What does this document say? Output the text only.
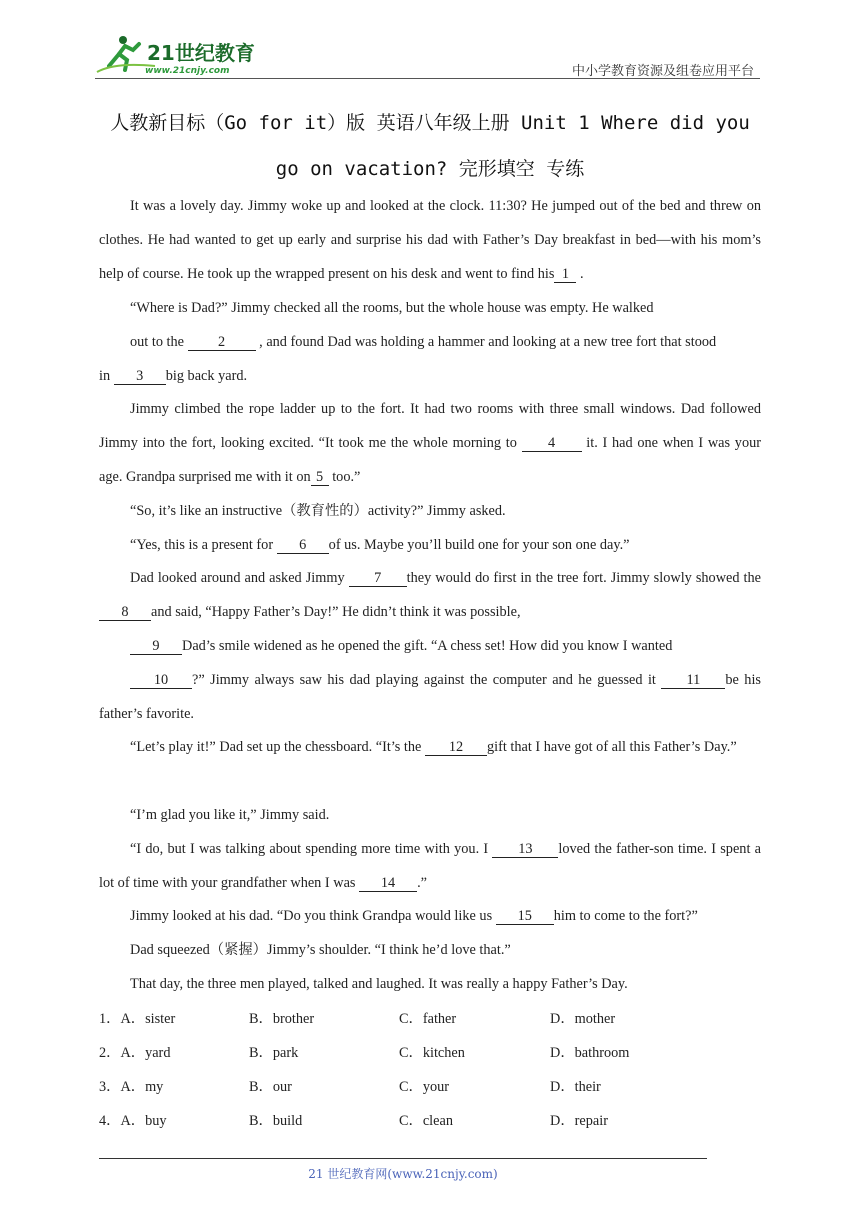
21世纪教育
www.21cnjy.com	中小学教育资源及组卷应用平台
人教新目标（Go for it）版 英语八年级上册 Unit 1 Where did you
go on vacation? 完形填空 专练

It was a lovely day. Jimmy woke up and looked at the clock. 11:30? He jumped out of the bed and threw on clothes. He had wanted to get up early and surprise his dad with Father’s Day breakfast in bed—with his mom’s help of course. He took up the wrapped present on his desk and went to find his 1 .

“Where is Dad?” Jimmy checked all the rooms, but the whole house was empty. He walked

out to the 2 , and found Dad was holding a hammer and looking at a new tree fort that stood

in 3 big back yard.

Jimmy climbed the rope ladder up to the fort. It had two rooms with three small windows. Dad followed Jimmy into the fort, looking excited. “It took me the whole morning to 4 it. I had one when I was your age. Grandpa surprised me with it on 5 too.”

“So, it’s like an instructive（教育性的）activity?” Jimmy asked.

“Yes, this is a present for 6 of us. Maybe you’ll build one for your son one day.”

Dad looked around and asked Jimmy 7 they would do first in the tree fort. Jimmy slowly showed the 8 and said, “Happy Father’s Day!” He didn’t think it was possible,

9 Dad’s smile widened as he opened the gift. “A chess set! How did you know I wanted

10 ?” Jimmy always saw his dad playing against the computer and he guessed it 11 be his father’s favorite.

“Let’s play it!” Dad set up the chessboard. “It’s the 12 gift that I have got of all this Father’s Day.”

“I’m glad you like it,” Jimmy said.

“I do, but I was talking about spending more time with you. I 13 loved the father-son time. I spent a lot of time with your grandfather when I was 14 .”

Jimmy looked at his dad. “Do you think Grandpa would like us 15 him to come to the fort?”

Dad squeezed（紧握）Jimmy’s shoulder. “I think he’d love that.”

That day, the three men played, talked and laughed. It was really a happy Father’s Day.

1．A．sister	B．brother	C．father	D．mother
2．A．yard	B．park	C．kitchen	D．bathroom
3．A．my	B．our	C．your	D．their
4．A．buy	B．build	C．clean	D．repair
21 世纪教育网(www.21cnjy.com)
